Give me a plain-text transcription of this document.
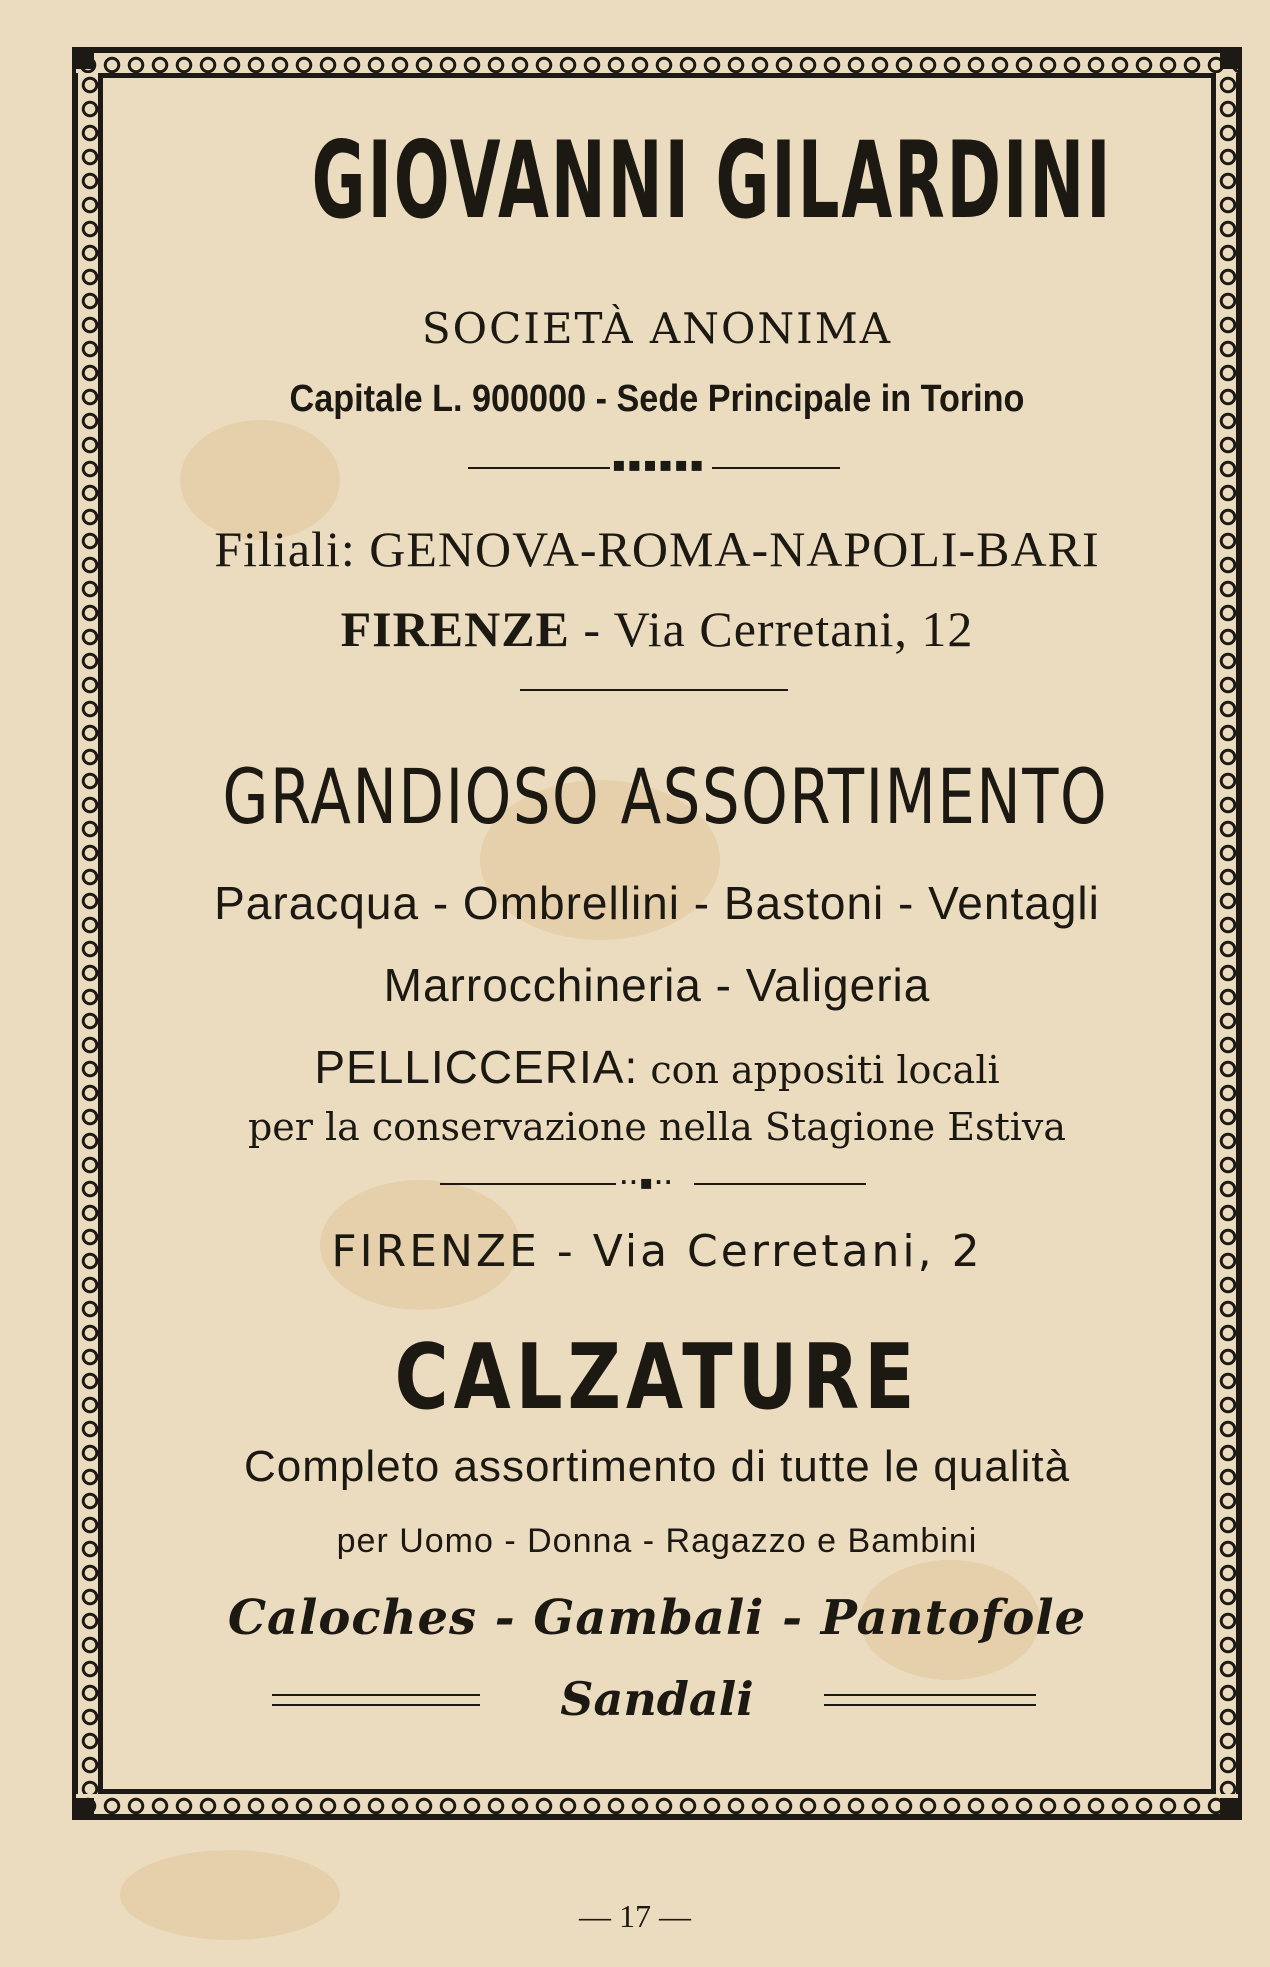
GIOVANNI GILARDINI
SOCIETÀ ANONIMA
Capitale L. 900000 - Sede Principale in Torino
▪▪▪▪▪▪
Filiali: GENOVA-ROMA-NAPOLI-BARI
FIRENZE - Via Cerretani, 12
GRANDIOSO ASSORTIMENTO
Paracqua - Ombrellini - Bastoni - Ventagli
Marrocchineria - Valigeria
PELLICCERIA: con appositi locali
per la conservazione nella Stagione Estiva
··▪··
FIRENZE - Via Cerretani, 2
CALZATURE
Completo assortimento di tutte le qualità
per Uomo - Donna - Ragazzo e Bambini
Caloches - Gambali - Pantofole
Sandali
— 17 —
